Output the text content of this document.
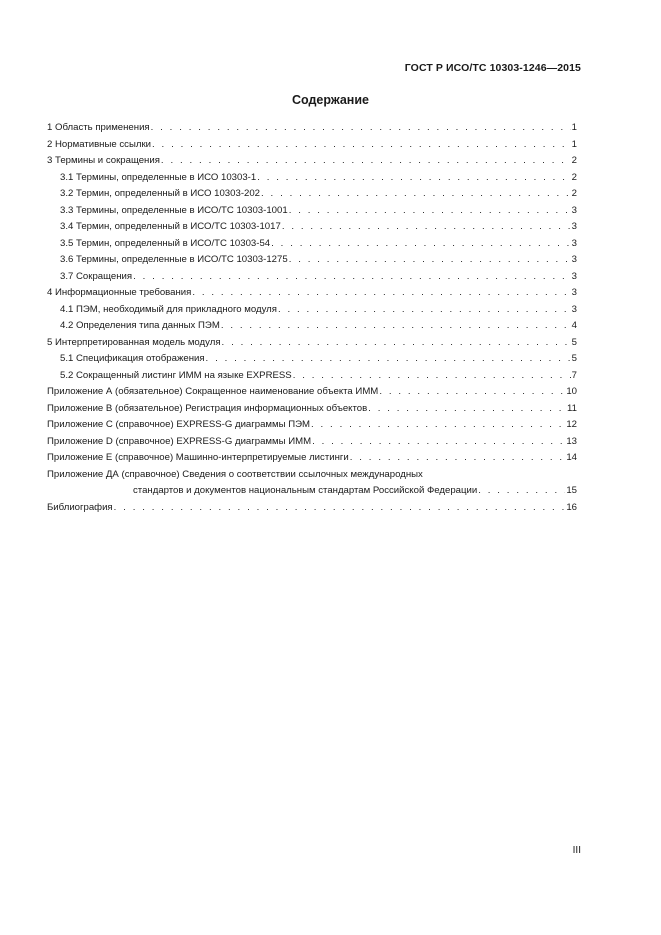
ГОСТ Р ИСО/ТС 10303-1246—2015
Содержание
1 Область применения . . .	1
2 Нормативные ссылки . . .	1
3 Термины и сокращения . . .	2
3.1 Термины, определенные в ИСО 10303-1 . . .	2
3.2 Термин, определенный в ИСО 10303-202 . . .	2
3.3 Термины, определенные в ИСО/ТС 10303-1001 . . .	3
3.4 Термин, определенный в ИСО/ТС 10303-1017 . . .	3
3.5 Термин, определенный в ИСО/ТС 10303-54 . . .	3
3.6 Термины, определенные в ИСО/ТС 10303-1275 . . .	3
3.7 Сокращения . . .	3
4 Информационные требования . . .	3
4.1 ПЭМ, необходимый для прикладного модуля . . .	3
4.2 Определения типа данных ПЭМ . . .	4
5 Интерпретированная модель модуля . . .	5
5.1 Спецификация отображения . . .	5
5.2 Сокращенный листинг ИММ на языке EXPRESS . . .	7
Приложение А (обязательное) Сокращенное наименование объекта ИММ . . .	10
Приложение В (обязательное) Регистрация информационных объектов . . .	11
Приложение С (справочное) EXPRESS-G диаграммы ПЭМ . . .	12
Приложение D (справочное) EXPRESS-G диаграммы ИММ . . .	13
Приложение Е (справочное) Машинно-интерпретируемые листинги . . .	14
Приложение ДА (справочное) Сведения о соответствии ссылочных международных
стандартов и документов национальным стандартам Российской Федерации . . .	15
Библиография . . .	16
III
